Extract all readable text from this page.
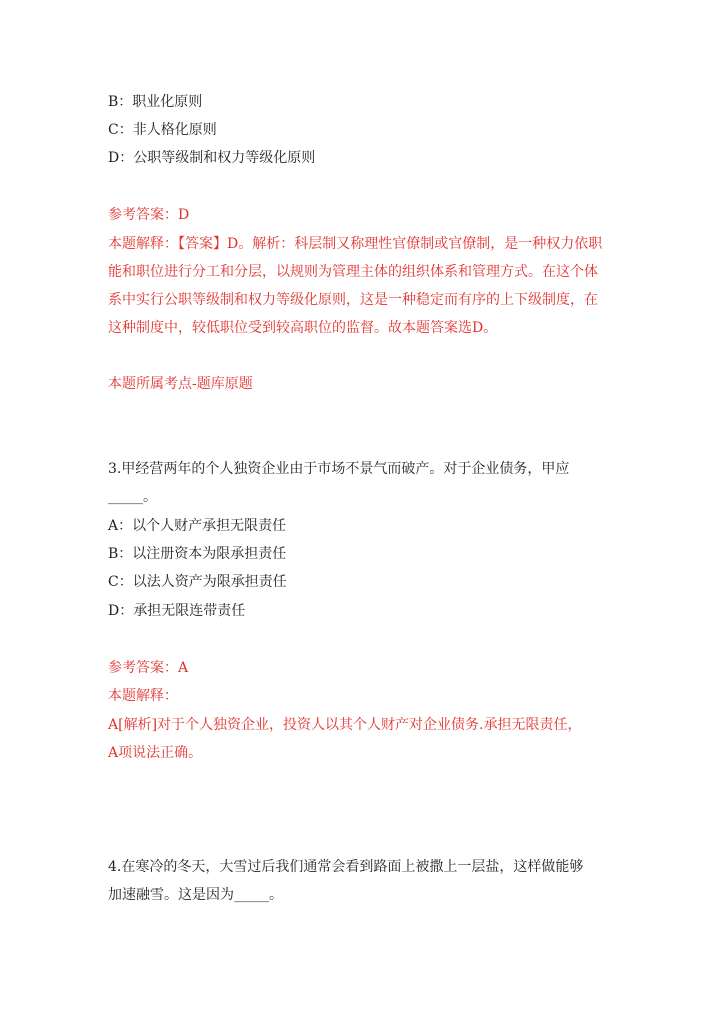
B：职业化原则
C：非人格化原则
D：公职等级制和权力等级化原则
参考答案：D
本题解释：【答案】D。解析：科层制又称理性官僚制或官僚制，是一种权力依职能和职位进行分工和分层，以规则为管理主体的组织体系和管理方式。在这个体系中实行公职等级制和权力等级化原则，这是一种稳定而有序的上下级制度，在这种制度中，较低职位受到较高职位的监督。故本题答案选D。
本题所属考点-题库原题
3.甲经营两年的个人独资企业由于市场不景气而破产。对于企业债务，甲应
_____。
A：以个人财产承担无限责任
B：以注册资本为限承担责任
C：以法人资产为限承担责任
D：承担无限连带责任
参考答案：A
本题解释：
A[解析]对于个人独资企业，投资人以其个人财产对企业债务.承担无限责任，
A项说法正确。
4.在寒冷的冬天，大雪过后我们通常会看到路面上被撒上一层盐，这样做能够
加速融雪。这是因为_____。
